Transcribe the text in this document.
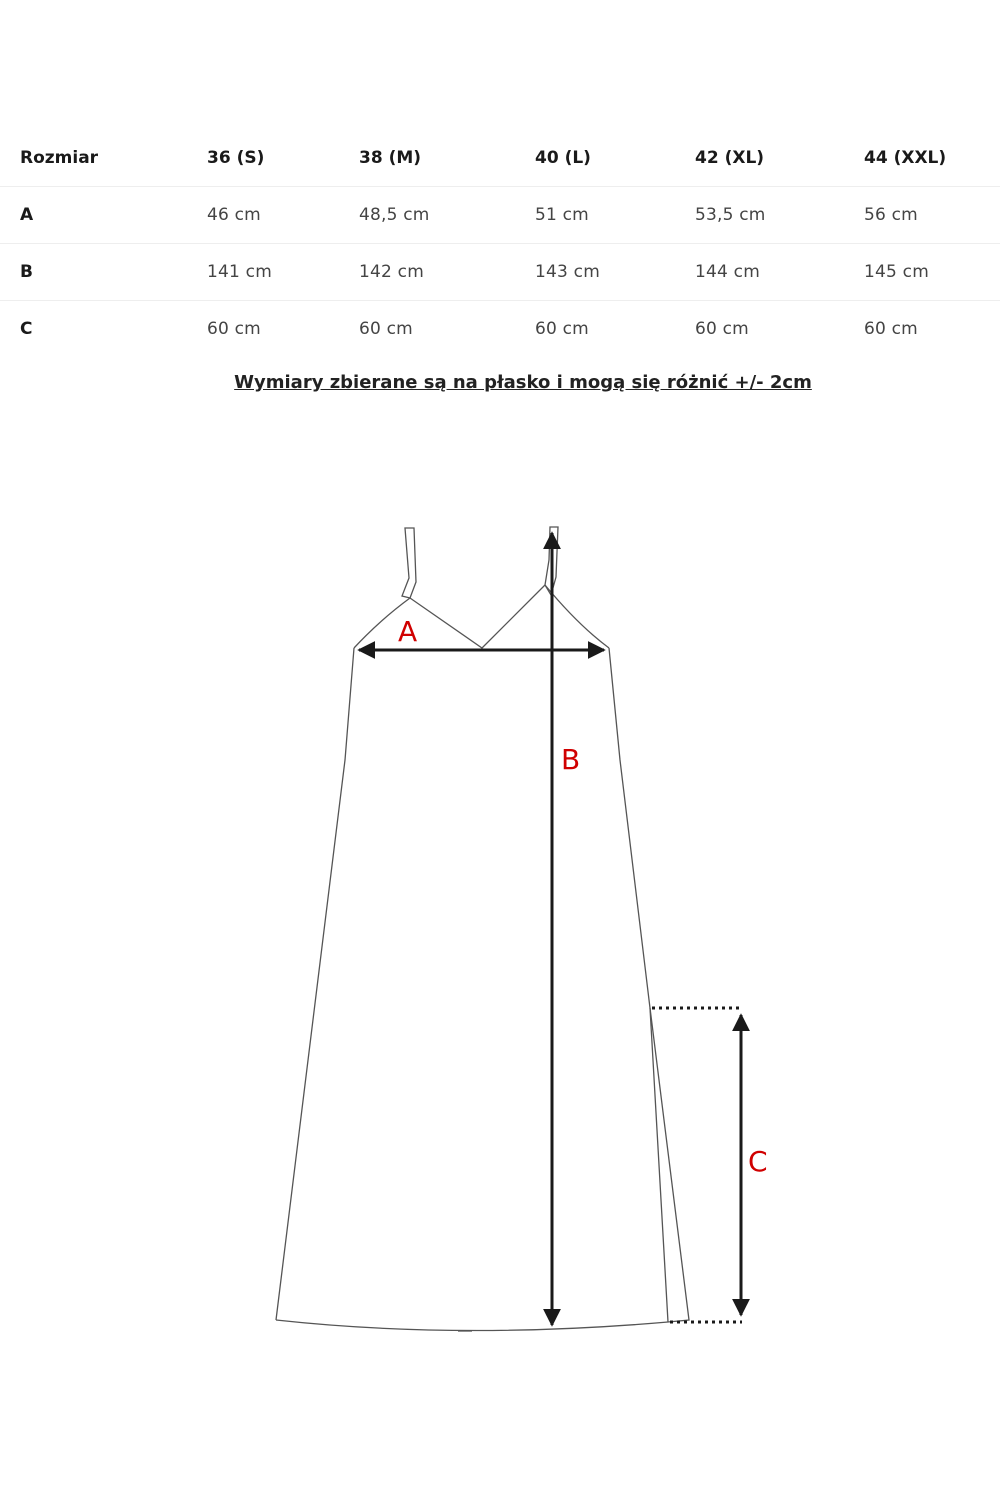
Rozmiar	36 (S)	38 (M)	40 (L)	42 (XL)	44 (XXL)
A	46 cm	48,5 cm	51 cm	53,5 cm	56 cm
B	141 cm	142 cm	143 cm	144 cm	145 cm
C	60 cm	60 cm	60 cm	60 cm	60 cm
Wymiary zbierane są na płasko i mogą się różnić +/- 2cm
A
B
C
